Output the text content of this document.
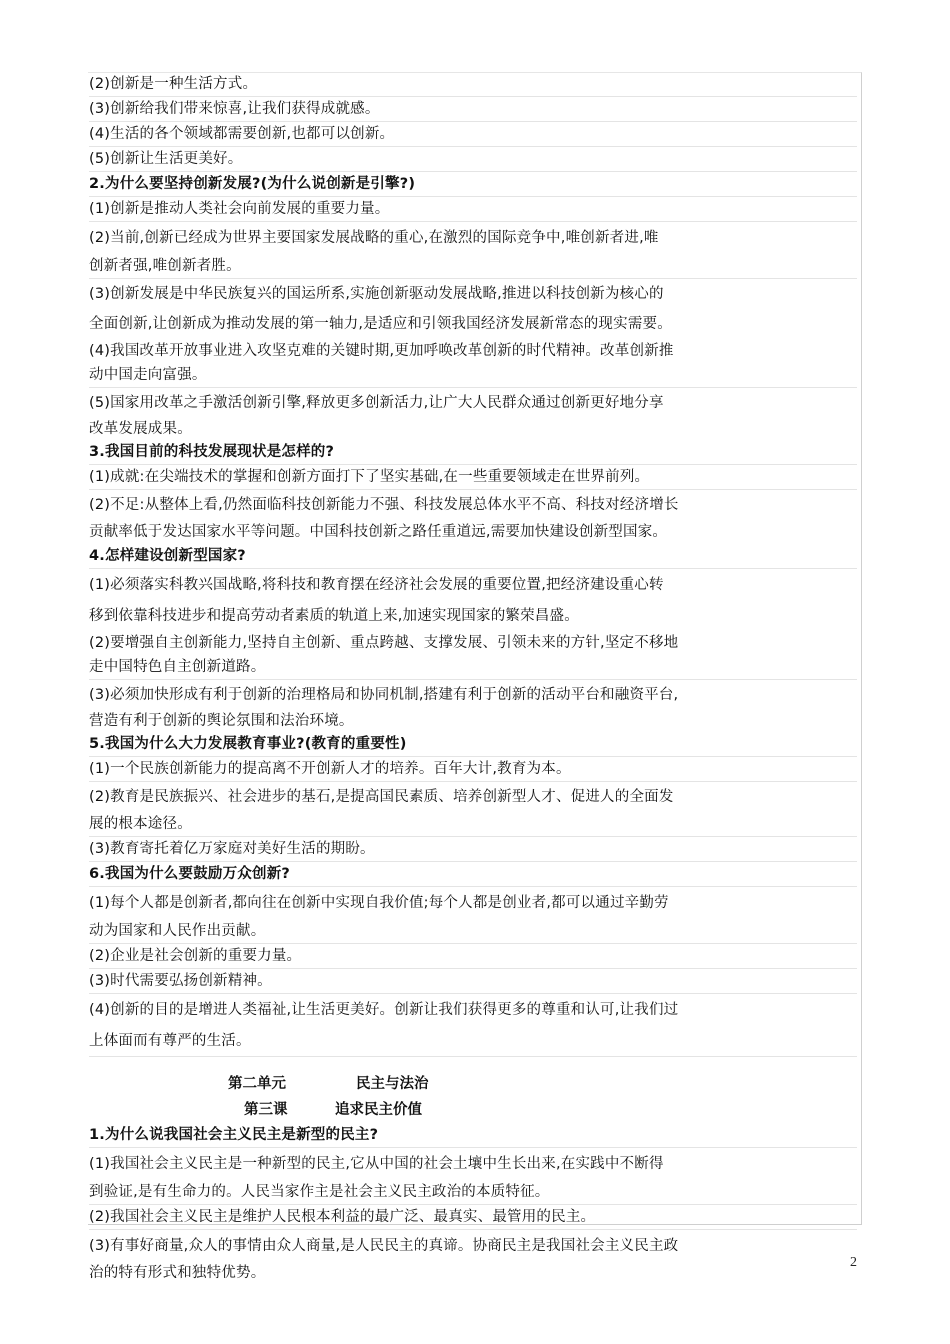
(2)创新是一种生活方式。
(3)创新给我们带来惊喜,让我们获得成就感。
(4)生活的各个领域都需要创新,也都可以创新。
(5)创新让生活更美好。
2.为什么要坚持创新发展?(为什么说创新是引擎?)
(1)创新是推动人类社会向前发展的重要力量。
(2)当前,创新已经成为世界主要国家发展战略的重心,在激烈的国际竞争中,唯创新者进,唯
创新者强,唯创新者胜。
(3)创新发展是中华民族复兴的国运所系,实施创新驱动发展战略,推进以科技创新为核心的
全面创新,让创新成为推动发展的第一轴力,是适应和引领我国经济发展新常态的现实需要。
(4)我国改革开放事业进入攻坚克难的关键时期,更加呼唤改革创新的时代精神。改革创新推
动中国走向富强。
(5)国家用改革之手激活创新引擎,释放更多创新活力,让广大人民群众通过创新更好地分享
改革发展成果。
3.我国目前的科技发展现状是怎样的?
(1)成就:在尖端技术的掌握和创新方面打下了坚实基础,在一些重要领域走在世界前列。
(2)不足:从整体上看,仍然面临科技创新能力不强、科技发展总体水平不高、科技对经济增长
贡献率低于发达国家水平等问题。中国科技创新之路任重道远,需要加快建设创新型国家。
4.怎样建设创新型国家?
(1)必须落实科教兴国战略,将科技和教育摆在经济社会发展的重要位置,把经济建设重心转
移到依靠科技进步和提高劳动者素质的轨道上来,加速实现国家的繁荣昌盛。
(2)要增强自主创新能力,坚持自主创新、重点跨越、支撑发展、引领未来的方针,坚定不移地
走中国特色自主创新道路。
(3)必须加快形成有利于创新的治理格局和协同机制,搭建有利于创新的活动平台和融资平台,
营造有利于创新的舆论氛围和法治环境。
5.我国为什么大力发展教育事业?(教育的重要性)
(1)一个民族创新能力的提高离不开创新人才的培养。百年大计,教育为本。
(2)教育是民族振兴、社会进步的基石,是提高国民素质、培养创新型人才、促进人的全面发
展的根本途径。
(3)教育寄托着亿万家庭对美好生活的期盼。
6.我国为什么要鼓励万众创新?
(1)每个人都是创新者,都向往在创新中实现自我价值;每个人都是创业者,都可以通过辛勤劳
动为国家和人民作出贡献。
(2)企业是社会创新的重要力量。
(3)时代需要弘扬创新精神。
(4)创新的目的是增进人类福祉,让生活更美好。创新让我们获得更多的尊重和认可,让我们过
上体面而有尊严的生活。
第二单元	民主与法治
第三课	追求民主价值
1.为什么说我国社会主义民主是新型的民主?
(1)我国社会主义民主是一种新型的民主,它从中国的社会土壤中生长出来,在实践中不断得
到验证,是有生命力的。人民当家作主是社会主义民主政治的本质特征。
(2)我国社会主义民主是维护人民根本利益的最广泛、最真实、最管用的民主。
(3)有事好商量,众人的事情由众人商量,是人民民主的真谛。协商民主是我国社会主义民主政
治的特有形式和独特优势。
2
